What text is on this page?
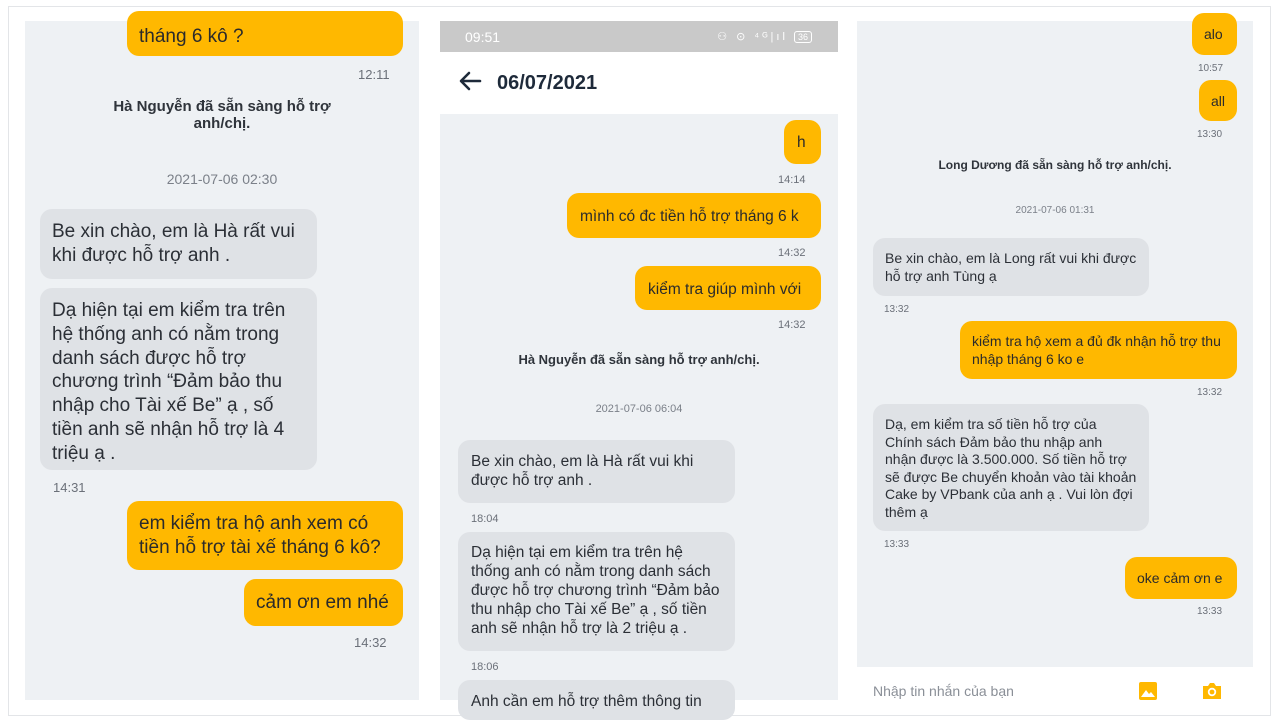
tháng 6 kô ?
12:11
Hà Nguyễn đã sẵn sàng hỗ trợ anh/chị.
2021-07-06 02:30
Be xin chào, em là Hà rất vui khi được hỗ trợ anh .
Dạ hiện tại em kiểm tra trên hệ thống anh có nằm trong danh sách được hỗ trợ chương trình “Đảm bảo thu nhập cho Tài xế Be” ạ , số tiền anh sẽ nhận hỗ trợ là 4 triệu ạ .
14:31
em kiểm tra hộ anh xem có tiền hỗ trợ tài xế tháng 6 kô?
cảm ơn em nhé
14:32
h
14:14
mình có đc tiền hỗ trợ tháng 6 k
14:32
kiểm tra giúp mình với
14:32
Hà Nguyễn đã sẵn sàng hỗ trợ anh/chị.
2021-07-06 06:04
Be xin chào, em là Hà rất vui khi được hỗ trợ anh .
18:04
Dạ hiện tại em kiểm tra trên hệ thống anh có nằm trong danh sách được hỗ trợ chương trình “Đảm bảo thu nhập cho Tài xế Be” ạ , số tiền anh sẽ nhận hỗ trợ là 2 triệu ạ .
18:06
Anh cần em hỗ trợ thêm thông tin
09:51	⚇ ⊙ ⁴ᴳ|ıl 36
06/07/2021
alo
10:57
all
13:30
Long Dương đã sẵn sàng hỗ trợ anh/chị.
2021-07-06 01:31
Be xin chào, em là Long rất vui khi được hỗ trợ anh Tùng ạ
13:32
kiểm tra hộ xem a đủ đk nhận hỗ trợ thu nhập tháng 6 ko e
13:32
Dạ, em kiểm tra số tiền hỗ trợ của Chính sách Đảm bảo thu nhập anh nhận được là 3.500.000. Số tiền hỗ trợ sẽ được Be chuyển khoản vào tài khoản Cake by VPbank của anh ạ . Vui lòn đợi thêm ạ
13:33
oke cảm ơn e
13:33
Nhập tin nhắn của bạn
